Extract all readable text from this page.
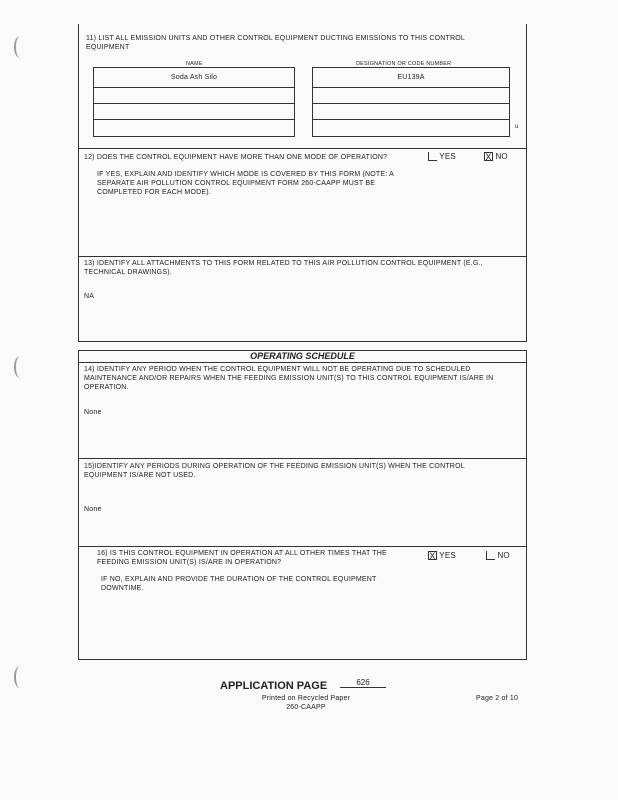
11) LIST ALL EMISSION UNITS AND OTHER CONTROL EQUIPMENT DUCTING EMISSIONS TO THIS CONTROL EQUIPMENT
NAME	DESIGNATION OR CODE NUMBER
Soda Ash Silo	EU139A
u
12) DOES THE CONTROL EQUIPMENT HAVE MORE THAN ONE MODE OF OPERATION?	YES	X NO
IF YES, EXPLAIN AND IDENTIFY WHICH MODE IS COVERED BY THIS FORM (NOTE: A SEPARATE AIR POLLUTION CONTROL EQUIPMENT FORM 260-CAAPP MUST BE COMPLETED FOR EACH MODE).
13) IDENTIFY ALL ATTACHMENTS TO THIS FORM RELATED TO THIS AIR POLLUTION CONTROL EQUIPMENT (E.G., TECHNICAL DRAWINGS).
NA
OPERATING SCHEDULE
14) IDENTIFY ANY PERIOD WHEN THE CONTROL EQUIPMENT WILL NOT BE OPERATING DUE TO SCHEDULED MAINTENANCE AND/OR REPAIRS WHEN THE FEEDING EMISSION UNIT(S) TO THIS CONTROL EQUIPMENT IS/ARE IN OPERATION.
None
15)IDENTIFY ANY PERIODS DURING OPERATION OF THE FEEDING EMISSION UNIT(S) WHEN THE CONTROL EQUIPMENT IS/ARE NOT USED.
None
16) IS THIS CONTROL EQUIPMENT IN OPERATION AT ALL OTHER TIMES THAT THE FEEDING EMISSION UNIT(S) IS/ARE IN OPERATION?
X YES	NO
IF NO, EXPLAIN AND PROVIDE THE DURATION OF THE CONTROL EQUIPMENT DOWNTIME.
APPLICATION PAGE	626
Printed on Recycled Paper
260-CAAPP
Page 2 of 10
